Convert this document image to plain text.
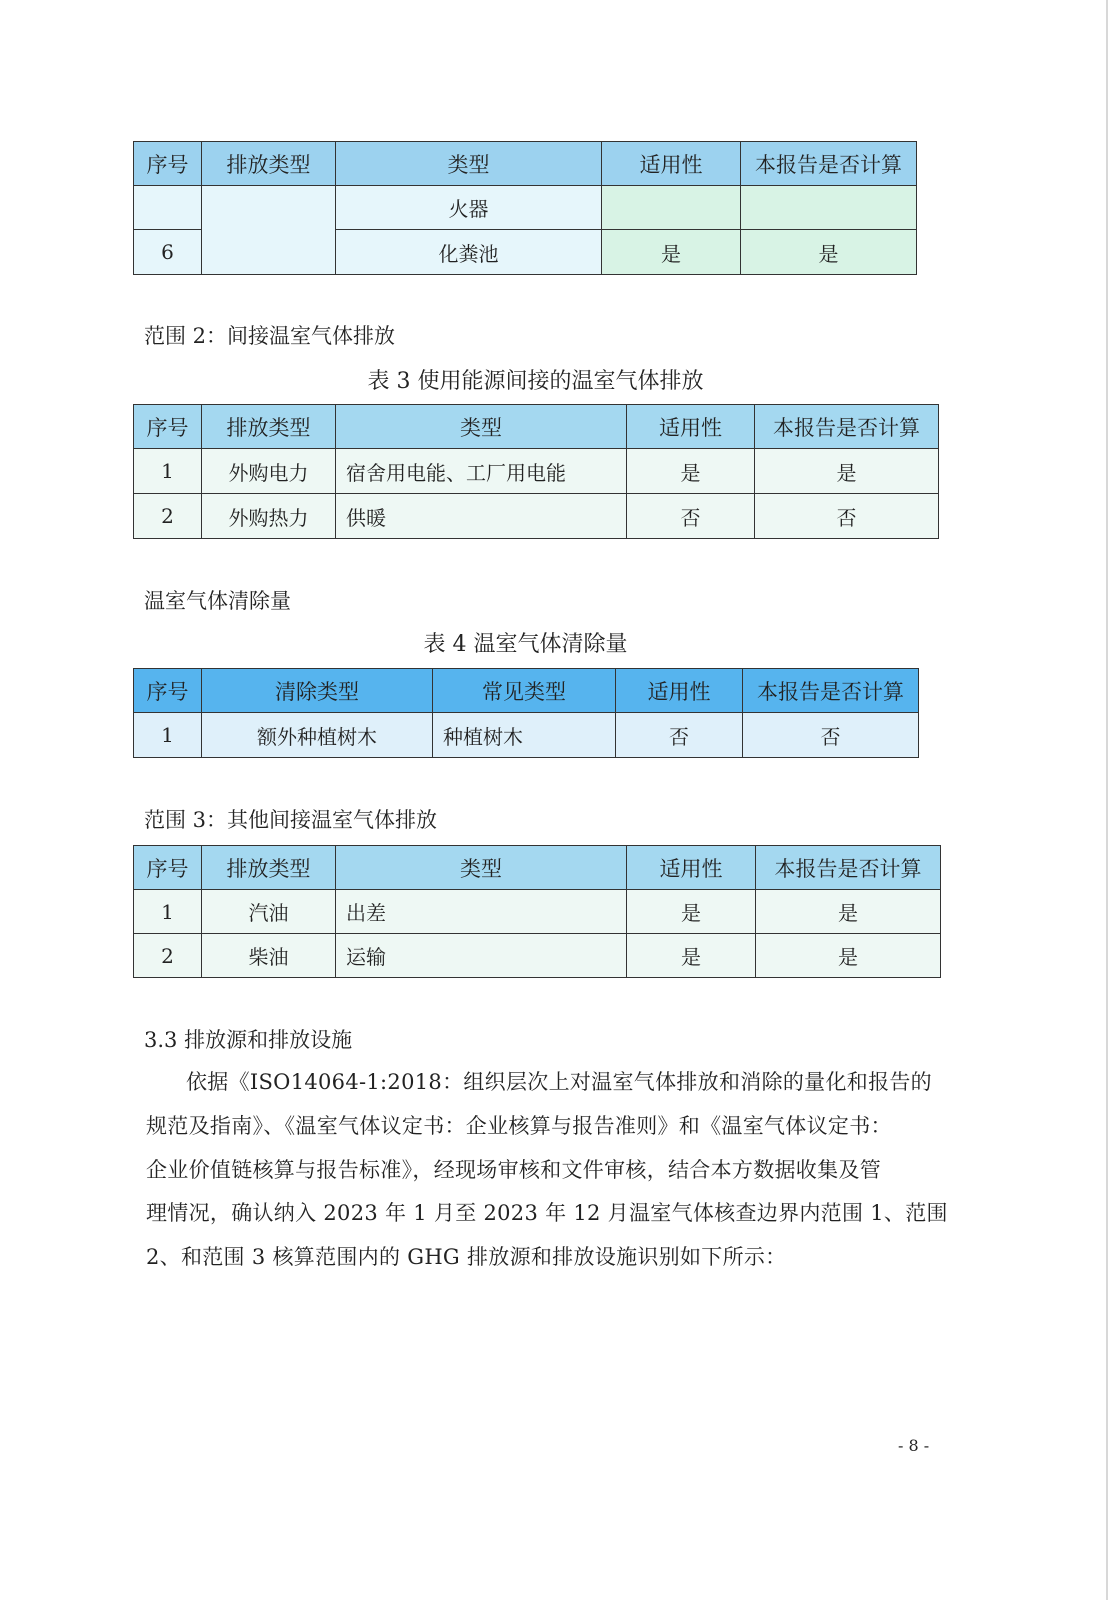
序号	排放类型	类型	适用性	本报告是否计算
		火器		
6		化粪池	是	是
范围 2：间接温室气体排放
表 3 使用能源间接的温室气体排放
序号	排放类型	类型	适用性	本报告是否计算
1	外购电力	宿舍用电能、工厂用电能	是	是
2	外购热力	供暖	否	否
温室气体清除量
表 4 温室气体清除量
序号	清除类型	常见类型	适用性	本报告是否计算
1	额外种植树木	种植树木	否	否
范围 3：其他间接温室气体排放
序号	排放类型	类型	适用性	本报告是否计算
1	汽油	出差	是	是
2	柴油	运输	是	是
3.3 排放源和排放设施
依据《ISO14064-1:2018：组织层次上对温室气体排放和消除的量化和报告的
规范及指南》、《温室气体议定书：企业核算与报告准则》和《温室气体议定书：
企业价值链核算与报告标准》，经现场审核和文件审核，结合本方数据收集及管
理情况，确认纳入 2023 年 1 月至 2023 年 12 月温室气体核查边界内范围 1、范围
2、和范围 3 核算范围内的 GHG 排放源和排放设施识别如下所示：
- 8 -
